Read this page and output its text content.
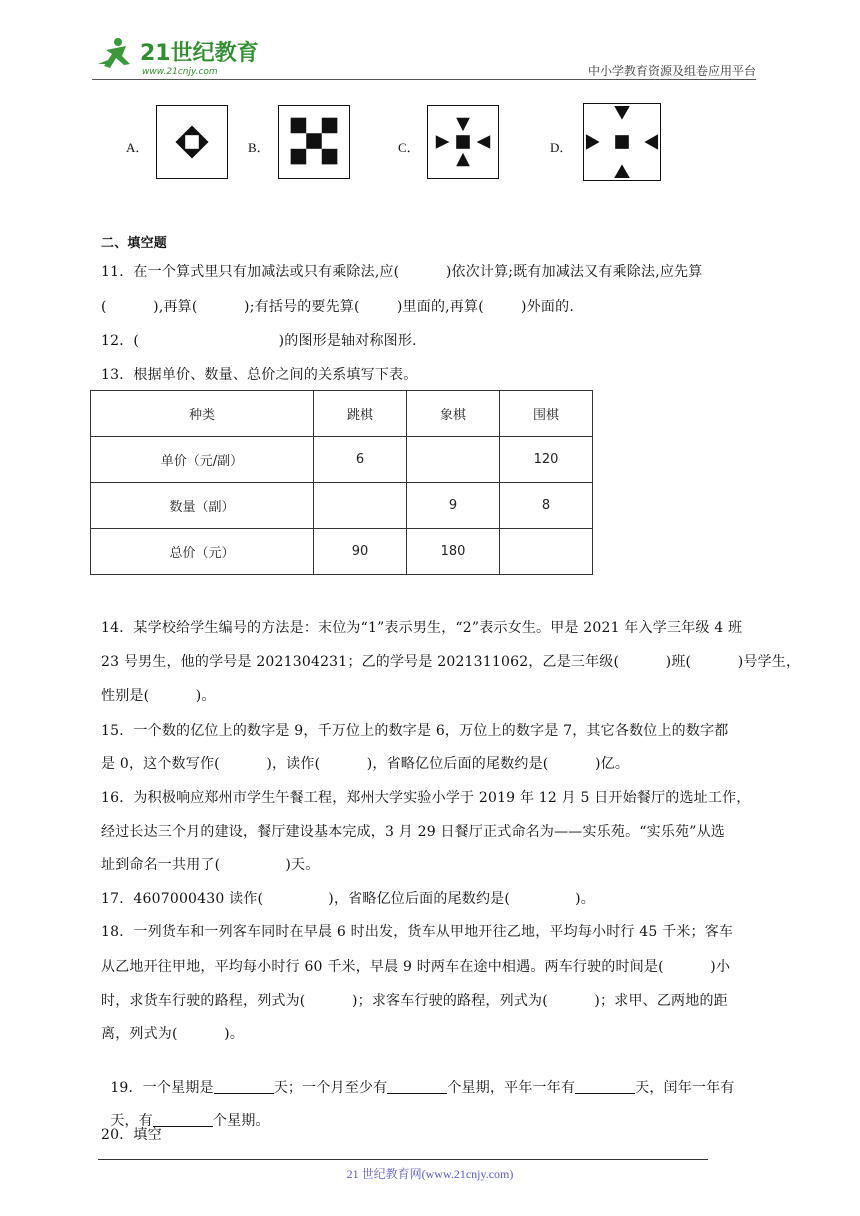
21世纪教育
www.21cnjy.com	中小学教育资源及组卷应用平台
A．	B．	C．	D．
二、填空题
11．在一个算式里只有加减法或只有乘除法,应(          )依次计算;既有加减法又有乘除法,应先算
(          ),再算(          );有括号的要先算(        )里面的,再算(        )外面的.
12．(                              )的图形是轴对称图形.
13．根据单价、数量、总价之间的关系填写下表。
种类	跳棋	象棋	围棋
单价（元/副）	6		120
数量（副）		9	8
总价（元）	90	180	
14．某学校给学生编号的方法是：末位为“1”表示男生，“2”表示女生。甲是 2021 年入学三年级 4 班
23 号男生，他的学号是 2021304231；乙的学号是 2021311062，乙是三年级(          )班(          )号学生，
性别是(          )。
15．一个数的亿位上的数字是 9，千万位上的数字是 6，万位上的数字是 7，其它各数位上的数字都
是 0，这个数写作(          )，读作(          )，省略亿位后面的尾数约是(          )亿。
16．为积极响应郑州市学生午餐工程，郑州大学实验小学于 2019 年 12 月 5 日开始餐厅的选址工作，
经过长达三个月的建设，餐厅建设基本完成，3 月 29 日餐厅正式命名为——实乐苑。“实乐苑”从选
址到命名一共用了(              )天。
17．4607000430 读作(              )，省略亿位后面的尾数约是(              )。
18．一列货车和一列客车同时在早晨 6 时出发，货车从甲地开往乙地，平均每小时行 45 千米；客车
从乙地开往甲地，平均每小时行 60 千米，早晨 9 时两车在途中相遇。两车行驶的时间是(          )小
时，求货车行驶的路程，列式为(          )；求客车行驶的路程，列式为(          )；求甲、乙两地的距
离，列式为(          )。

19．一个星期是	天；一个月至少有	个星期，平年一年有	天，闰年一年有

天，有	个星期。

20．填空
21 世纪教育网(www.21cnjy.com)
